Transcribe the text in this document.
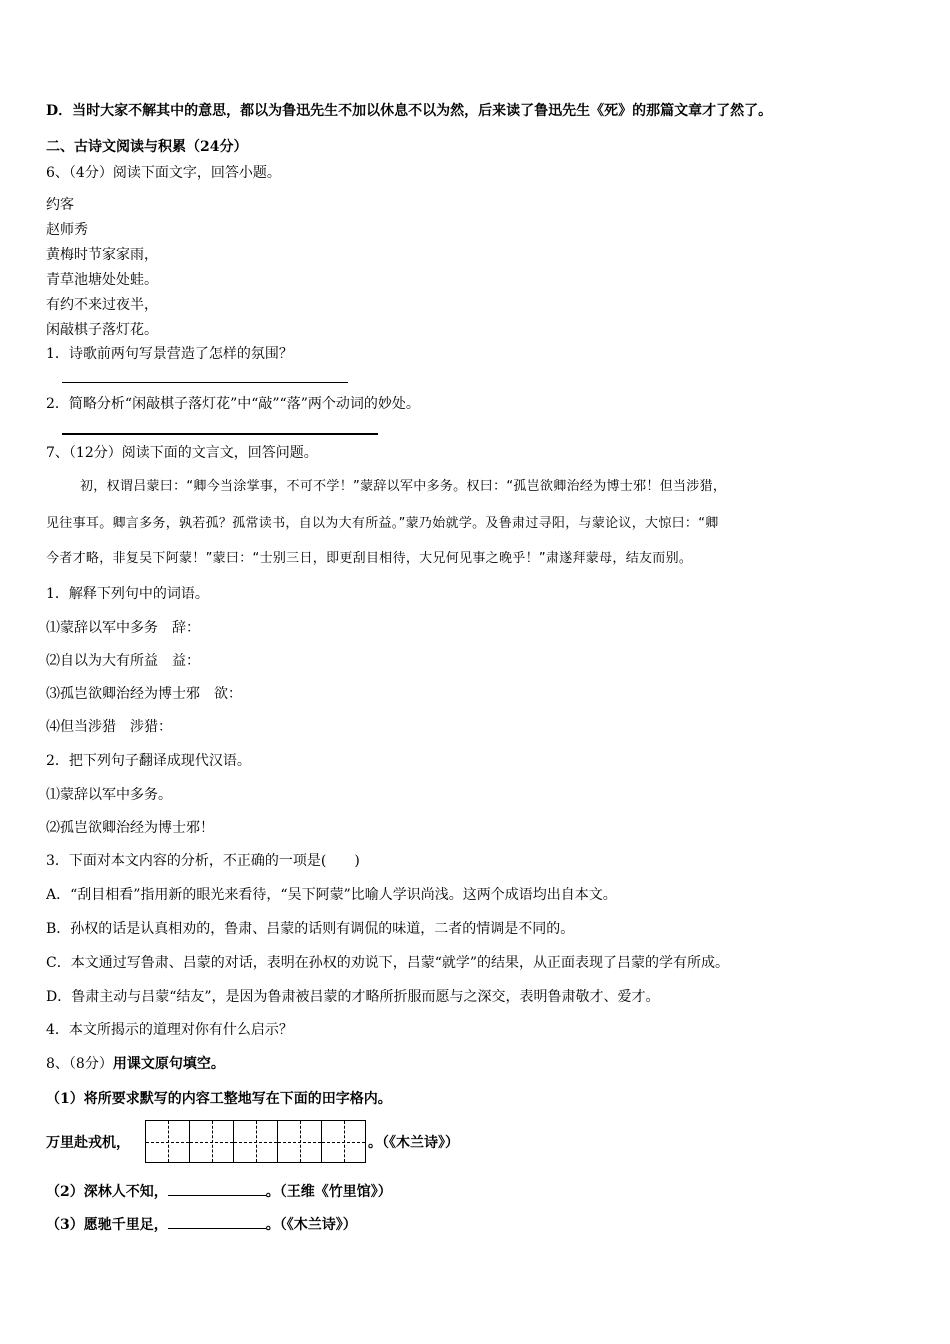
D．当时大家不解其中的意思，都以为鲁迅先生不加以休息不以为然，后来读了鲁迅先生《死》的那篇文章才了然了。
二、古诗文阅读与积累（24分）
6、（4分）阅读下面文字，回答小题。
约客
赵师秀
黄梅时节家家雨，
青草池塘处处蛙。
有约不来过夜半，
闲敲棋子落灯花。
1．诗歌前两句写景营造了怎样的氛围？
2．简略分析“闲敲棋子落灯花”中“敲”“落”两个动词的妙处。
7、（12分）阅读下面的文言文，回答问题。
初，权谓吕蒙曰：“卿今当涂掌事，不可不学！”蒙辞以军中多务。权曰：“孤岂欲卿治经为博士邪！但当涉猎，
见往事耳。卿言多务，孰若孤？孤常读书，自以为大有所益。”蒙乃始就学。及鲁肃过寻阳，与蒙论议，大惊曰：“卿
今者才略，非复吴下阿蒙！”蒙曰：“士别三日，即更刮目相待，大兄何见事之晚乎！”肃遂拜蒙母，结友而别。
1．解释下列句中的词语。
⑴蒙辞以军中多务　辞：
⑵自以为大有所益　益：
⑶孤岂欲卿治经为博士邪　欲：
⑷但当涉猎　涉猎：
2．把下列句子翻译成现代汉语。
⑴蒙辞以军中多务。
⑵孤岂欲卿治经为博士邪！
3．下面对本文内容的分析，不正确的一项是(　　)
A．“刮目相看”指用新的眼光来看待，“吴下阿蒙”比喻人学识尚浅。这两个成语均出自本文。
B．孙权的话是认真相劝的，鲁肃、吕蒙的话则有调侃的味道，二者的情调是不同的。
C．本文通过写鲁肃、吕蒙的对话，表明在孙权的劝说下，吕蒙“就学”的结果，从正面表现了吕蒙的学有所成。
D．鲁肃主动与吕蒙“结友”，是因为鲁肃被吕蒙的才略所折服而愿与之深交，表明鲁肃敬才、爱才。
4．本文所揭示的道理对你有什么启示？
8、（8分）用课文原句填空。
（1）将所要求默写的内容工整地写在下面的田字格内。
万里赴戎机，	。（《木兰诗》）
（2）深林人不知，	。（王维《竹里馆》）
（3）愿驰千里足，	。（《木兰诗》）
